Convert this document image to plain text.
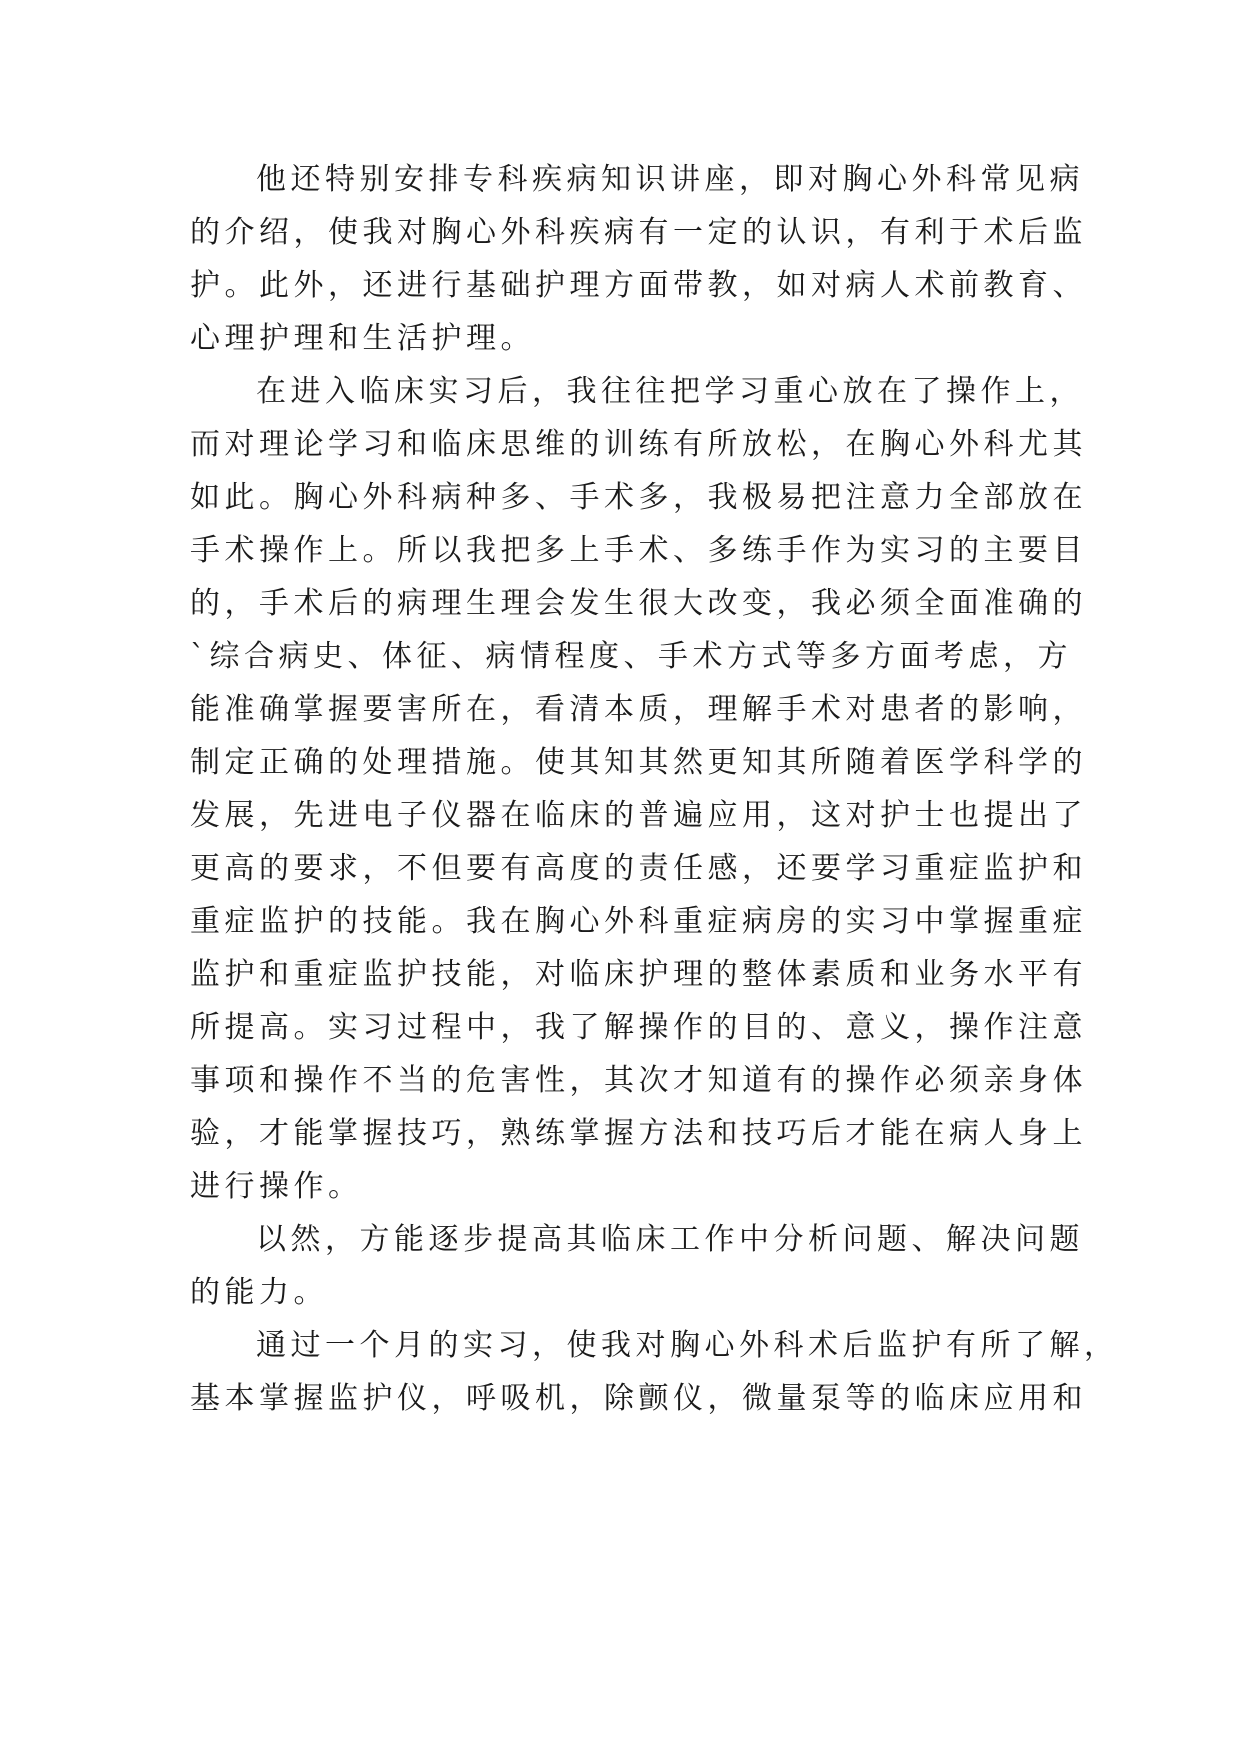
他还特别安排专科疾病知识讲座，即对胸心外科常见病
的介绍，使我对胸心外科疾病有一定的认识，有利于术后监
护。此外，还进行基础护理方面带教，如对病人术前教育、
心理护理和生活护理。
在进入临床实习后，我往往把学习重心放在了操作上，
而对理论学习和临床思维的训练有所放松，在胸心外科尤其
如此。胸心外科病种多、手术多，我极易把注意力全部放在
手术操作上。所以我把多上手术、多练手作为实习的主要目
的，手术后的病理生理会发生很大改变，我必须全面准确的
`综合病史、体征、病情程度、手术方式等多方面考虑，方
能准确掌握要害所在，看清本质，理解手术对患者的影响，
制定正确的处理措施。使其知其然更知其所随着医学科学的
发展，先进电子仪器在临床的普遍应用，这对护士也提出了
更高的要求，不但要有高度的责任感，还要学习重症监护和
重症监护的技能。我在胸心外科重症病房的实习中掌握重症
监护和重症监护技能，对临床护理的整体素质和业务水平有
所提高。实习过程中，我了解操作的目的、意义，操作注意
事项和操作不当的危害性，其次才知道有的操作必须亲身体
验，才能掌握技巧，熟练掌握方法和技巧后才能在病人身上
进行操作。
以然，方能逐步提高其临床工作中分析问题、解决问题
的能力。
通过一个月的实习，使我对胸心外科术后监护有所了解，
基本掌握监护仪，呼吸机，除颤仪，微量泵等的临床应用和
